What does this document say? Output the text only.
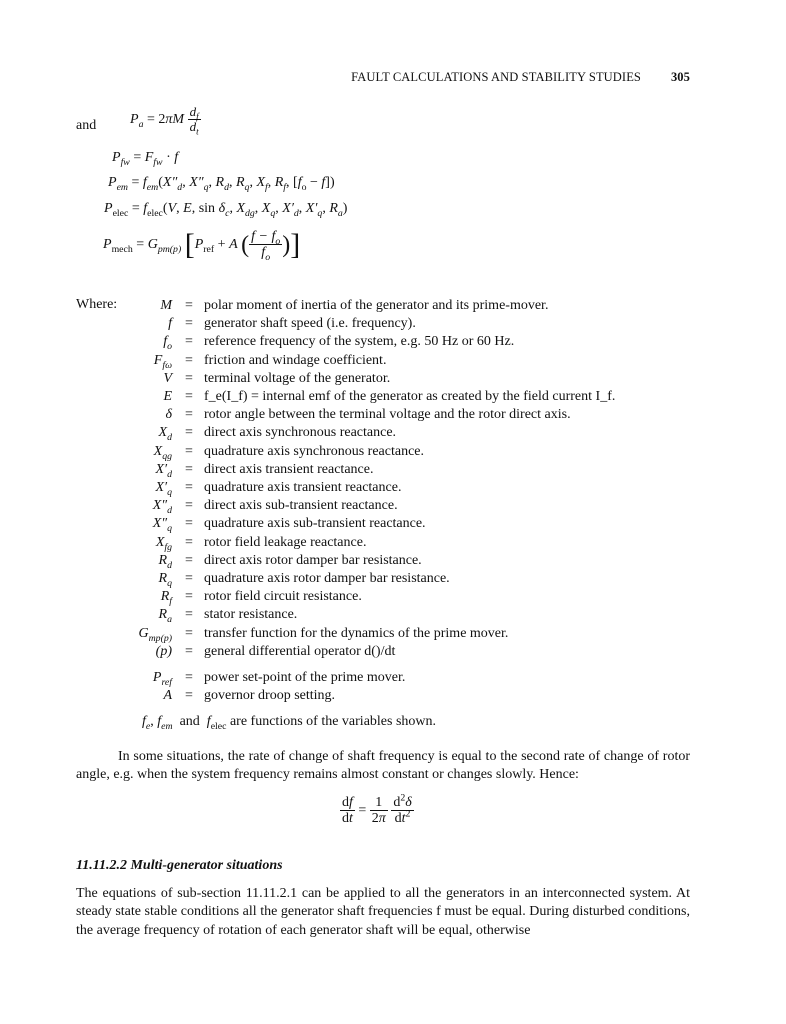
FAULT CALCULATIONS AND STABILITY STUDIES 305
and $P_a = 2\pi M \frac{d_f}{d_t}$
$P_{fw} = F_{fw} \cdot f$
$P_{em} = f_{em}(X''_d$, $X''_q$, $R_d$, $R_q$, $X_f$, $R_f$, $[f_o - f]$)
$P_{elec} = f_{elec}(V$, E, $\sin \delta_c$, $X_{dg}$, $X_q$, $X'_d$, $X'_q$, $R_a$)
$P_{mech} = G_{pm(p)}$ [$P_{ref} + A$ ( $\frac{f - f_o}{f_o}$ )]
Where:	M = polar moment of inertia of the generator and its prime-mover.
f = generator shaft speed (i.e. frequency).
$f_o$ = reference frequency of the system, e.g. 50 Hz or 60 Hz.
$F_{f\omega}$ = friction and windage coefficient.
V = terminal voltage of the generator.
E = f_e(I_f) = internal emf of the generator as created by the field current I_f.
δ = rotor angle between the terminal voltage and the rotor direct axis.
$X_d$ = direct axis synchronous reactance.
$X_{qg}$ = quadrature axis synchronous reactance.
$X'_d$ = direct axis transient reactance.
$X'_q$ = quadrature axis transient reactance.
$X''_d$ = direct axis sub-transient reactance.
$X''_q$ = quadrature axis sub-transient reactance.
$X_{fg}$ = rotor field leakage reactance.
$R_d$ = direct axis rotor damper bar resistance.
$R_q$ = quadrature axis rotor damper bar resistance.
$R_f$ = rotor field circuit resistance.
$R_a$ = stator resistance.
$G_{mp(p)}$ = transfer function for the dynamics of the prime mover.
(p) = general differential operator d()/dt
$P_{ref}$ = power set-point of the prime mover.
A = governor droop setting.
$f_e$, $f_{em}$ and $f_{elec}$ are functions of the variables shown.
In some situations, the rate of change of shaft frequency is equal to the second rate of change of rotor angle, e.g. when the system frequency remains almost constant or changes slowly. Hence:
$\frac{df}{dt} = \frac{1}{2\pi}$
$\frac{d^2\delta}{dt^2}$
11.11.2.2 Multi-generator situations
The equations of sub-section 11.11.2.1 can be applied to all the generators in an interconnected system. At steady state stable conditions all the generator shaft frequencies f must be equal. During disturbed conditions, the average frequency of rotation of each generator shaft will be equal, otherwise
